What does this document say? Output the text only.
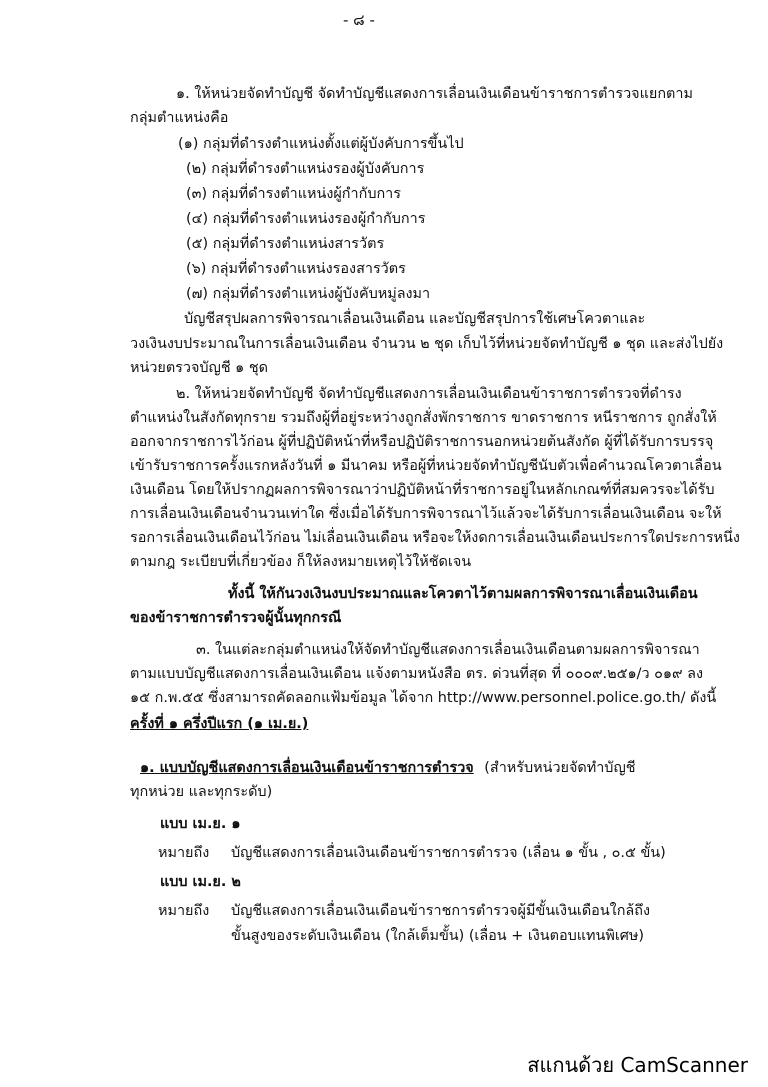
- ๘ -
๑. ให้หน่วยจัดทำบัญชี จัดทำบัญชีแสดงการเลื่อนเงินเดือนข้าราชการตำรวจแยกตาม
กลุ่มตำแหน่งคือ
(๑) กลุ่มที่ดำรงตำแหน่งตั้งแต่ผู้บังคับการขึ้นไป
(๒) กลุ่มที่ดำรงตำแหน่งรองผู้บังคับการ
(๓) กลุ่มที่ดำรงตำแหน่งผู้กำกับการ
(๔) กลุ่มที่ดำรงตำแหน่งรองผู้กำกับการ
(๕) กลุ่มที่ดำรงตำแหน่งสารวัตร
(๖) กลุ่มที่ดำรงตำแหน่งรองสารวัตร
(๗) กลุ่มที่ดำรงตำแหน่งผู้บังคับหมู่ลงมา
บัญชีสรุปผลการพิจารณาเลื่อนเงินเดือน และบัญชีสรุปการใช้เศษโควตาและ
วงเงินงบประมาณในการเลื่อนเงินเดือน จำนวน ๒ ชุด เก็บไว้ที่หน่วยจัดทำบัญชี ๑ ชุด และส่งไปยัง
หน่วยตรวจบัญชี ๑ ชุด
๒. ให้หน่วยจัดทำบัญชี จัดทำบัญชีแสดงการเลื่อนเงินเดือนข้าราชการตำรวจที่ดำรง
ตำแหน่งในสังกัดทุกราย รวมถึงผู้ที่อยู่ระหว่างถูกสั่งพักราชการ ขาดราชการ หนีราชการ ถูกสั่งให้
ออกจากราชการไว้ก่อน ผู้ที่ปฏิบัติหน้าที่หรือปฏิบัติราชการนอกหน่วยต้นสังกัด ผู้ที่ได้รับการบรรจุ
เข้ารับราชการครั้งแรกหลังวันที่ ๑ มีนาคม หรือผู้ที่หน่วยจัดทำบัญชีนับตัวเพื่อคำนวณโควตาเลื่อน
เงินเดือน โดยให้ปรากฏผลการพิจารณาว่าปฏิบัติหน้าที่ราชการอยู่ในหลักเกณฑ์ที่สมควรจะได้รับ
การเลื่อนเงินเดือนจำนวนเท่าใด ซึ่งเมื่อได้รับการพิจารณาไว้แล้วจะได้รับการเลื่อนเงินเดือน จะให้
รอการเลื่อนเงินเดือนไว้ก่อน ไม่เลื่อนเงินเดือน หรือจะให้งดการเลื่อนเงินเดือนประการใดประการหนึ่ง
ตามกฎ ระเบียบที่เกี่ยวข้อง ก็ให้ลงหมายเหตุไว้ให้ชัดเจน
ทั้งนี้ ให้กันวงเงินงบประมาณและโควตาไว้ตามผลการพิจารณาเลื่อนเงินเดือน
ของข้าราชการตำรวจผู้นั้นทุกกรณี
๓. ในแต่ละกลุ่มตำแหน่งให้จัดทำบัญชีแสดงการเลื่อนเงินเดือนตามผลการพิจารณา
ตามแบบบัญชีแสดงการเลื่อนเงินเดือน แจ้งตามหนังสือ ตร. ด่วนที่สุด ที่ ๐๐๐๙.๒๕๑/ว ๐๑๙ ลง
๑๕ ก.พ.๕๕ ซึ่งสามารถคัดลอกแฟ้มข้อมูล ได้จาก http://www.personnel.police.go.th/ ดังนี้
ครั้งที่ ๑ ครึ่งปีแรก (๑ เม.ย.)
๑. แบบบัญชีแสดงการเลื่อนเงินเดือนข้าราชการตำรวจ (สำหรับหน่วยจัดทำบัญชี
ทุกหน่วย และทุกระดับ)
แบบ เม.ย. ๑
หมายถึง บัญชีแสดงการเลื่อนเงินเดือนข้าราชการตำรวจ (เลื่อน ๑ ขั้น , ๐.๕ ขั้น)
แบบ เม.ย. ๒
หมายถึง บัญชีแสดงการเลื่อนเงินเดือนข้าราชการตำรวจผู้มีขั้นเงินเดือนใกล้ถึง
ขั้นสูงของระดับเงินเดือน (ใกล้เต็มขั้น) (เลื่อน + เงินตอบแทนพิเศษ)
สแกนด้วย CamScanner
